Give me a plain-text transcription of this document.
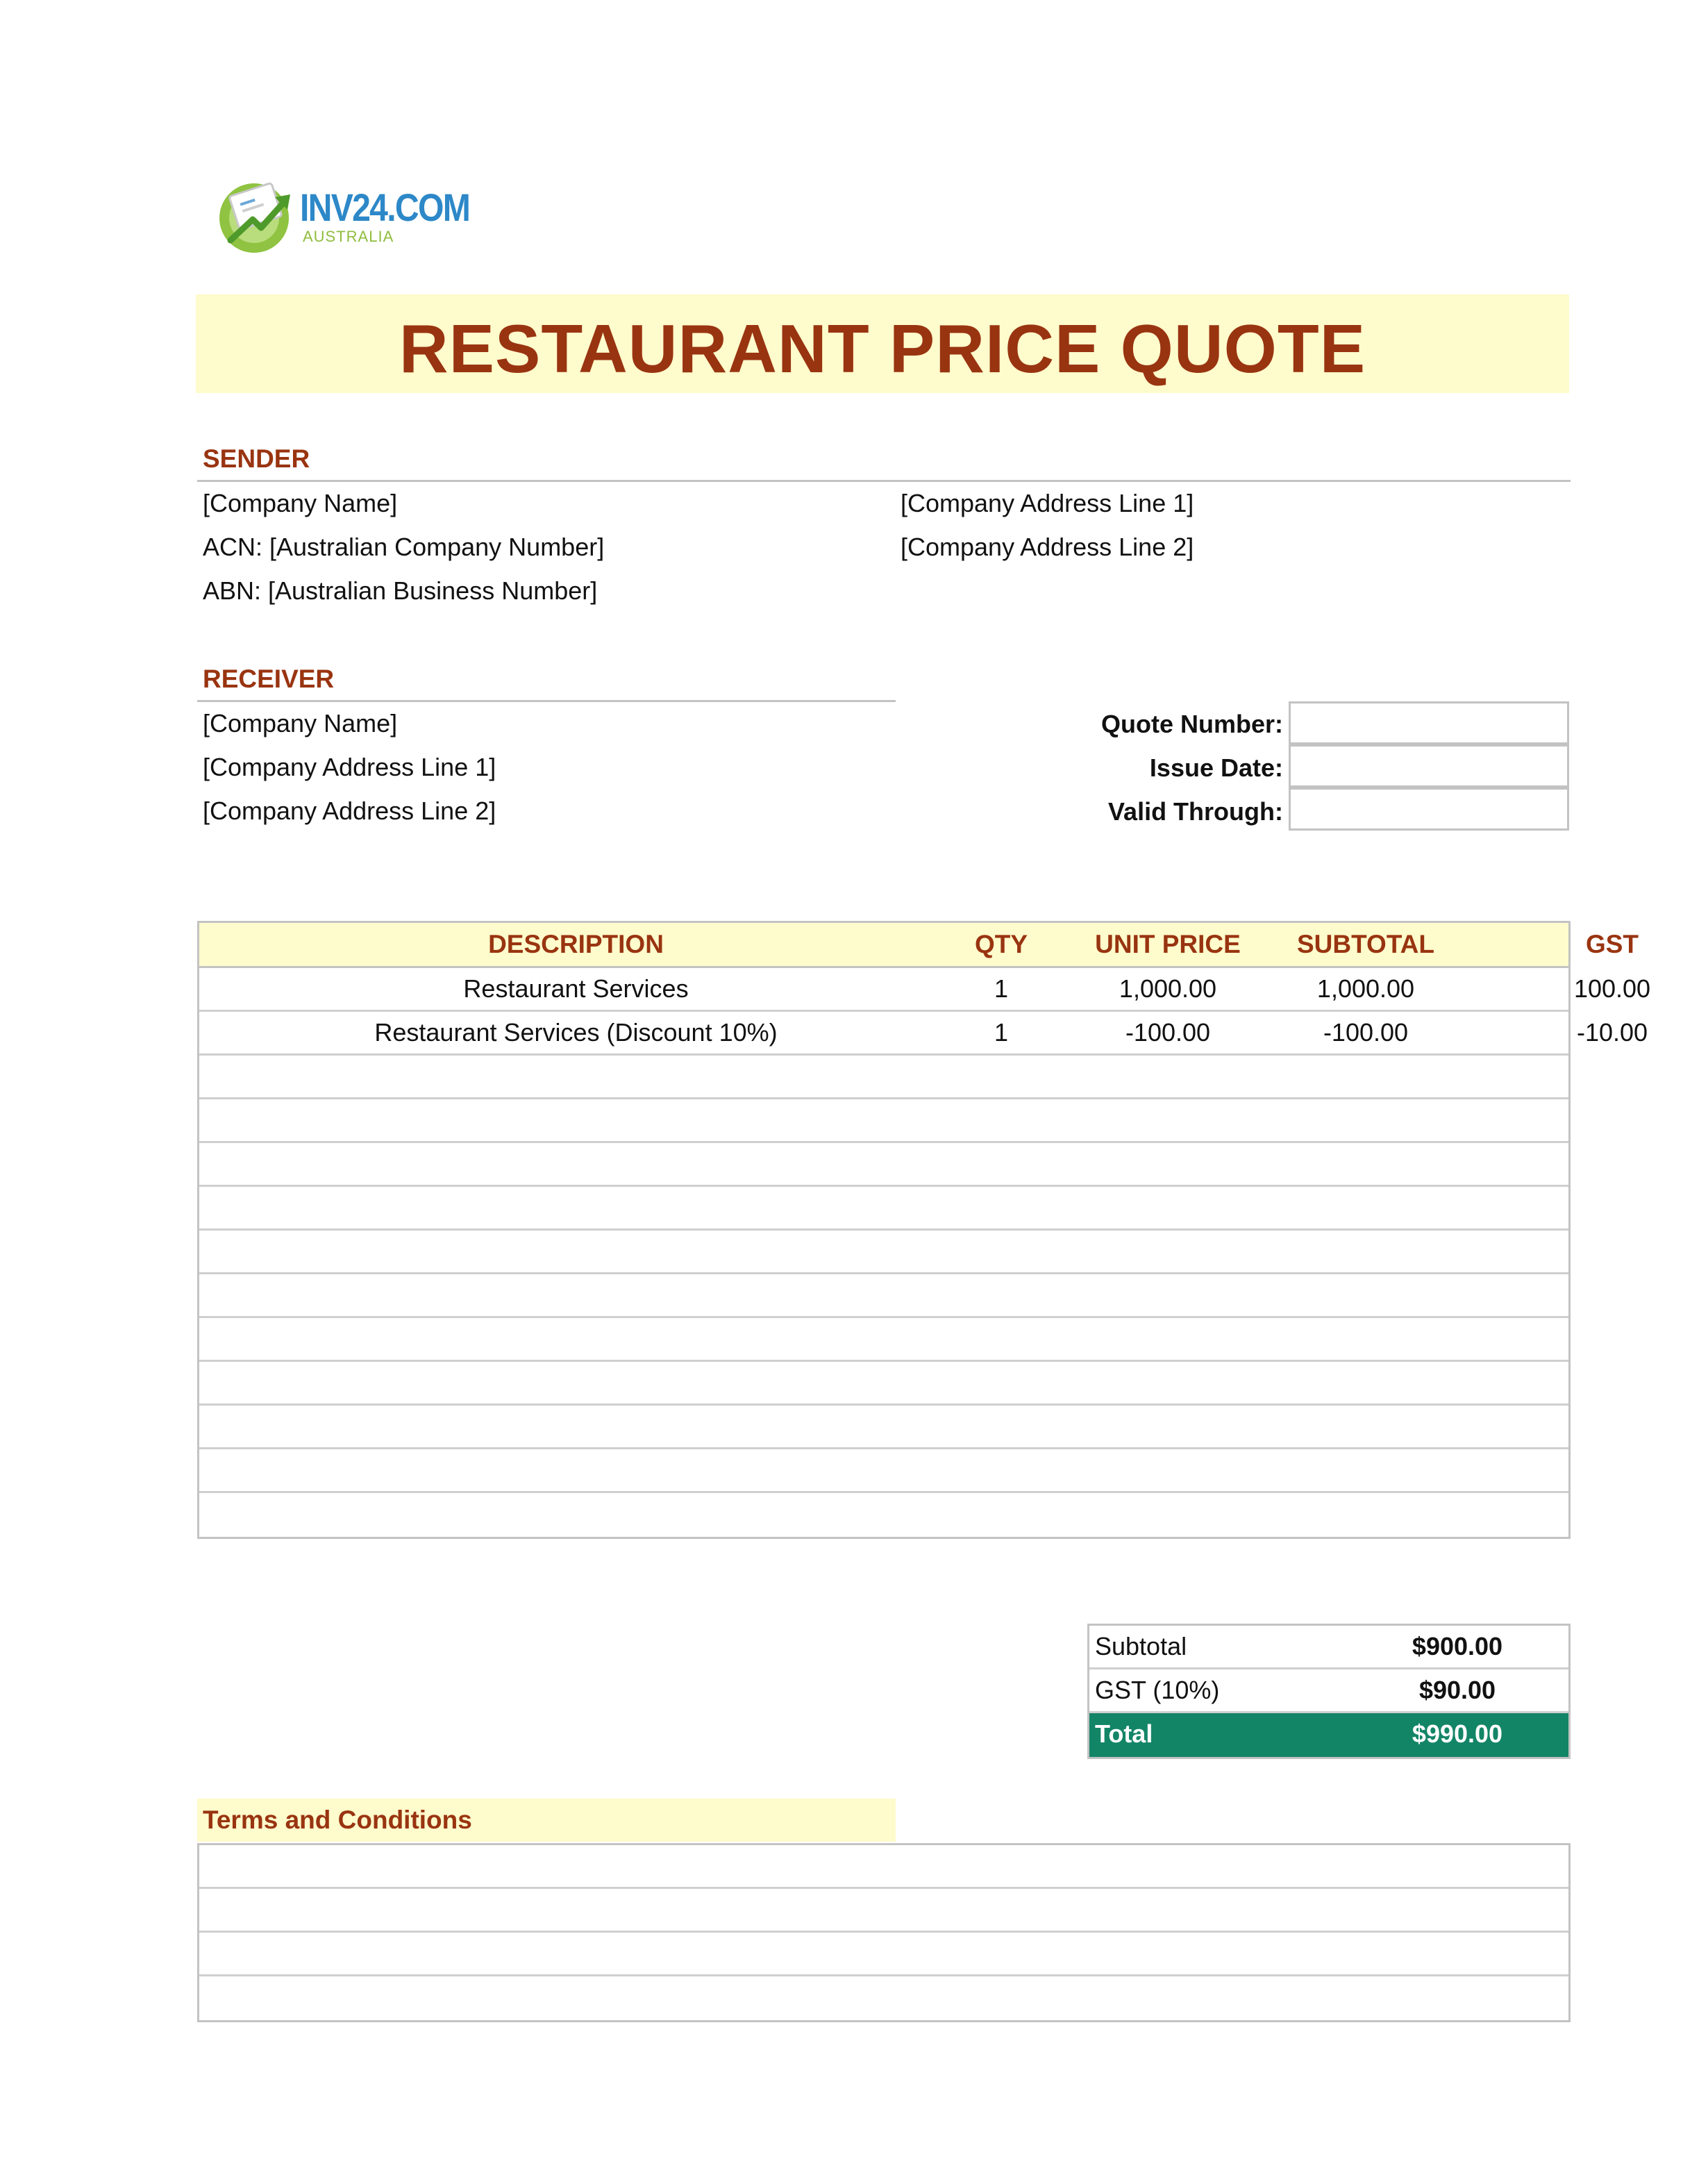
INV24.COM
AUSTRALIA
RESTAURANT PRICE QUOTE
SENDER
[Company Name]
ACN: [Australian Company Number]
ABN: [Australian Business Number]
[Company Address Line 1]
[Company Address Line 2]
RECEIVER
[Company Name]
[Company Address Line 1]
[Company Address Line 2]
Quote Number:
Issue Date:
Valid Through:
DESCRIPTION	QTY	UNIT PRICE	SUBTOTAL	GST
Restaurant Services	1	1,000.00	1,000.00	100.00
Restaurant Services (Discount 10%)	1	-100.00	-100.00	-10.00
Subtotal	$900.00
GST (10%)	$90.00
Total	$990.00
Terms and Conditions
